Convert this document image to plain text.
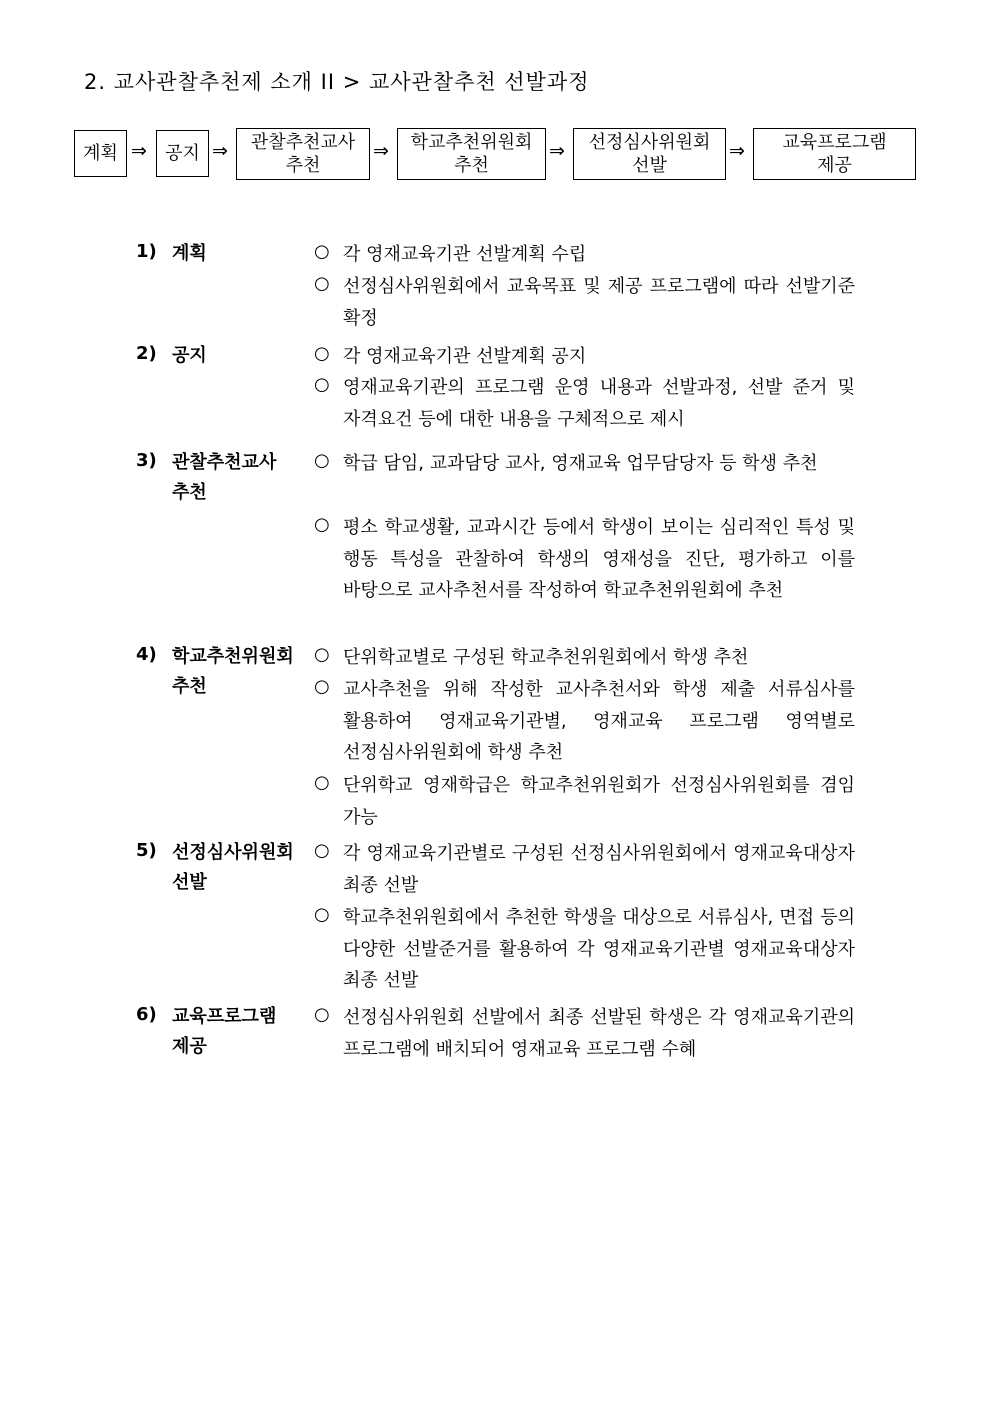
2. 교사관찰추천제 소개 II > 교사관찰추천 선발과정
계획 ⇒ 공지 ⇒ 관찰추천교사
추천
⇒ 학교추천위원회
추천
⇒ 선정심사위원회
선발
⇒ 교육프로그램
제공
1) 계획	○ 각 영재교육기관 선발계획 수립
○ 선정심사위원회에서 교육목표 및 제공 프로그램에 따라 선발기준 확정
2) 공지	○ 각 영재교육기관 선발계획 공지
○ 영재교육기관의 프로그램 운영 내용과 선발과정, 선발 준거 및 자격요건 등에 대한 내용을 구체적으로 제시
3) 관찰추천교사
추천
○ 학급 담임, 교과담당 교사, 영재교육 업무담당자 등 학생 추천
○ 평소 학교생활, 교과시간 등에서 학생이 보이는 심리적인 특성 및 행동 특성을 관찰하여 학생의 영재성을 진단, 평가하고 이를 바탕으로 교사추천서를 작성하여 학교추천위원회에 추천
4) 학교추천위원회
추천
○ 단위학교별로 구성된 학교추천위원회에서 학생 추천
○ 교사추천을 위해 작성한 교사추천서와 학생 제출 서류심사를 활용하여 영재교육기관별, 영재교육 프로그램 영역별로 선정심사위원회에 학생 추천
○ 단위학교 영재학급은 학교추천위원회가 선정심사위원회를 겸임 가능
5) 선정심사위원회
선발
○ 각 영재교육기관별로 구성된 선정심사위원회에서 영재교육대상자 최종 선발
○ 학교추천위원회에서 추천한 학생을 대상으로 서류심사, 면접 등의 다양한 선발준거를 활용하여 각 영재교육기관별 영재교육대상자 최종 선발
6) 교육프로그램
제공
○ 선정심사위원회 선발에서 최종 선발된 학생은 각 영재교육기관의 프로그램에 배치되어 영재교육 프로그램 수혜
